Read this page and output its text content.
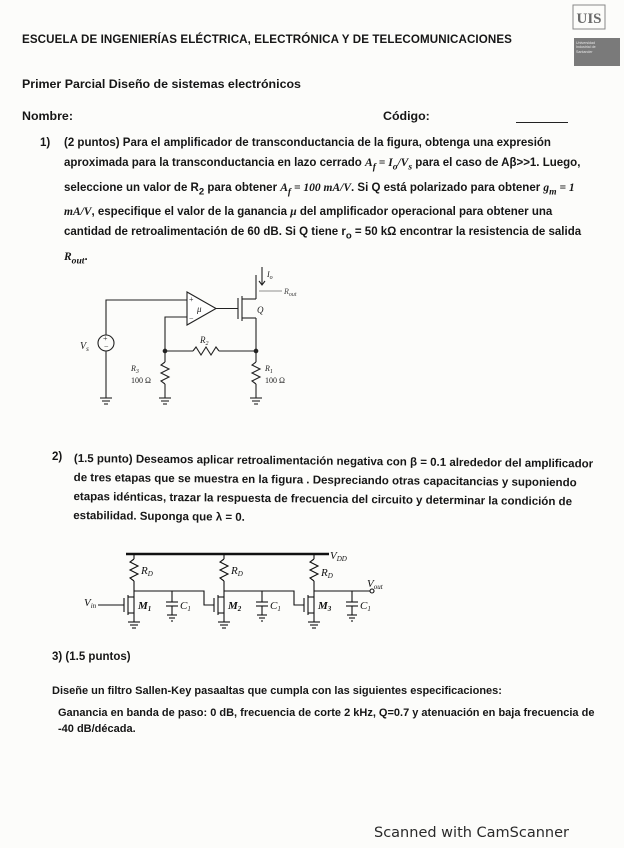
ESCUELA DE INGENIERÍAS ELÉCTRICA, ELECTRÓNICA Y DE TELECOMUNICACIONES
UIS
Universidad
Industrial de
Santander
Primer Parcial Diseño de sistemas electrónicos
Nombre:	Código:
1) (2 puntos) Para el amplificador de transconductancia de la figura, obtenga una expresión aproximada para la transconductancia en lazo cerrado $A_f = I_o/V_s$ para el caso de Aβ>>1. Luego, seleccione un valor de $R_2$ para obtener $A_f = 100$ mA/V. Si Q está polarizado para obtener $g_m = 1$ mA/V, especifique el valor de la ganancia μ del amplificador operacional para obtener una cantidad de retroalimentación de 60 dB. Si Q tiene $r_o = 50$ kΩ encontrar la resistencia de salida $R_{out}$.
+
−
$V_s$
+
−
μ	Q
$I_o$
$R_{out}$
$R_2$
$R_3$
100 Ω
$R_1$
100 Ω
2) (1.5 punto) Deseamos aplicar retroalimentación negativa con β = 0.1 alrededor del amplificador de tres etapas que se muestra en la figura . Despreciando otras capacitancias y suponiendo etapas idénticas, trazar la respuesta de frecuencia del circuito y determinar la condición de estabilidad. Suponga que λ = 0.
VDD
RD	RD	RD
Vin	M1	M2	M3
C1	C1	C1
Vout
3) (1.5 puntos)
Diseñe un filtro Sallen-Key pasaaltas que cumpla con las siguientes especificaciones:
Ganancia en banda de paso: 0 dB, frecuencia de corte 2 kHz, Q=0.7 y atenuación en baja frecuencia de -40 dB/década.
Scanned with CamScanner
